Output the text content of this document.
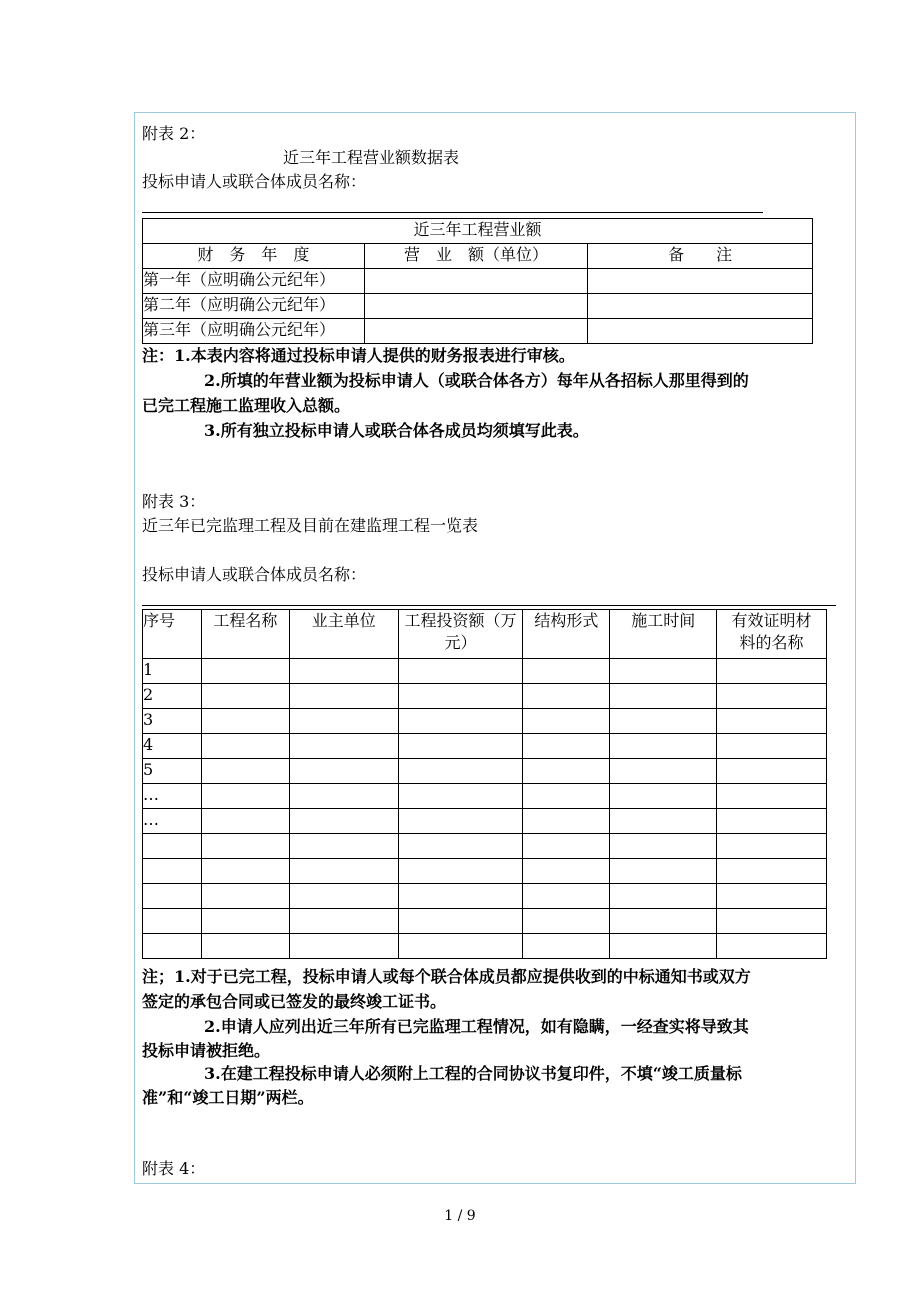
附表 2：
近三年工程营业额数据表
投标申请人或联合体成员名称：
近三年工程营业额		
财　务　年　度	营　业　额（单位）	备　　注
第一年（应明确公元纪年）		
第二年（应明确公元纪年）		
第三年（应明确公元纪年）		
注：1.本表内容将通过投标申请人提供的财务报表进行审核。
2.所填的年营业额为投标申请人（或联合体各方）每年从各招标人那里得到的
已完工程施工监理收入总额。
3.所有独立投标申请人或联合体各成员均须填写此表。
附表 3：
近三年已完监理工程及目前在建监理工程一览表
投标申请人或联合体成员名称：
序号	工程名称	业主单位	工程投资额（万
元）	结构形式	施工时间	有效证明材
料的名称
1						
2						
3						
4						
5						
…						
…						

注；1.对于已完工程，投标申请人或每个联合体成员都应提供收到的中标通知书或双方
签定的承包合同或已签发的最终竣工证书。
2.申请人应列出近三年所有已完监理工程情况，如有隐瞒，一经查实将导致其
投标申请被拒绝。
3.在建工程投标申请人必须附上工程的合同协议书复印件，不填“竣工质量标
准”和“竣工日期”两栏。
附表 4：
1 / 9
